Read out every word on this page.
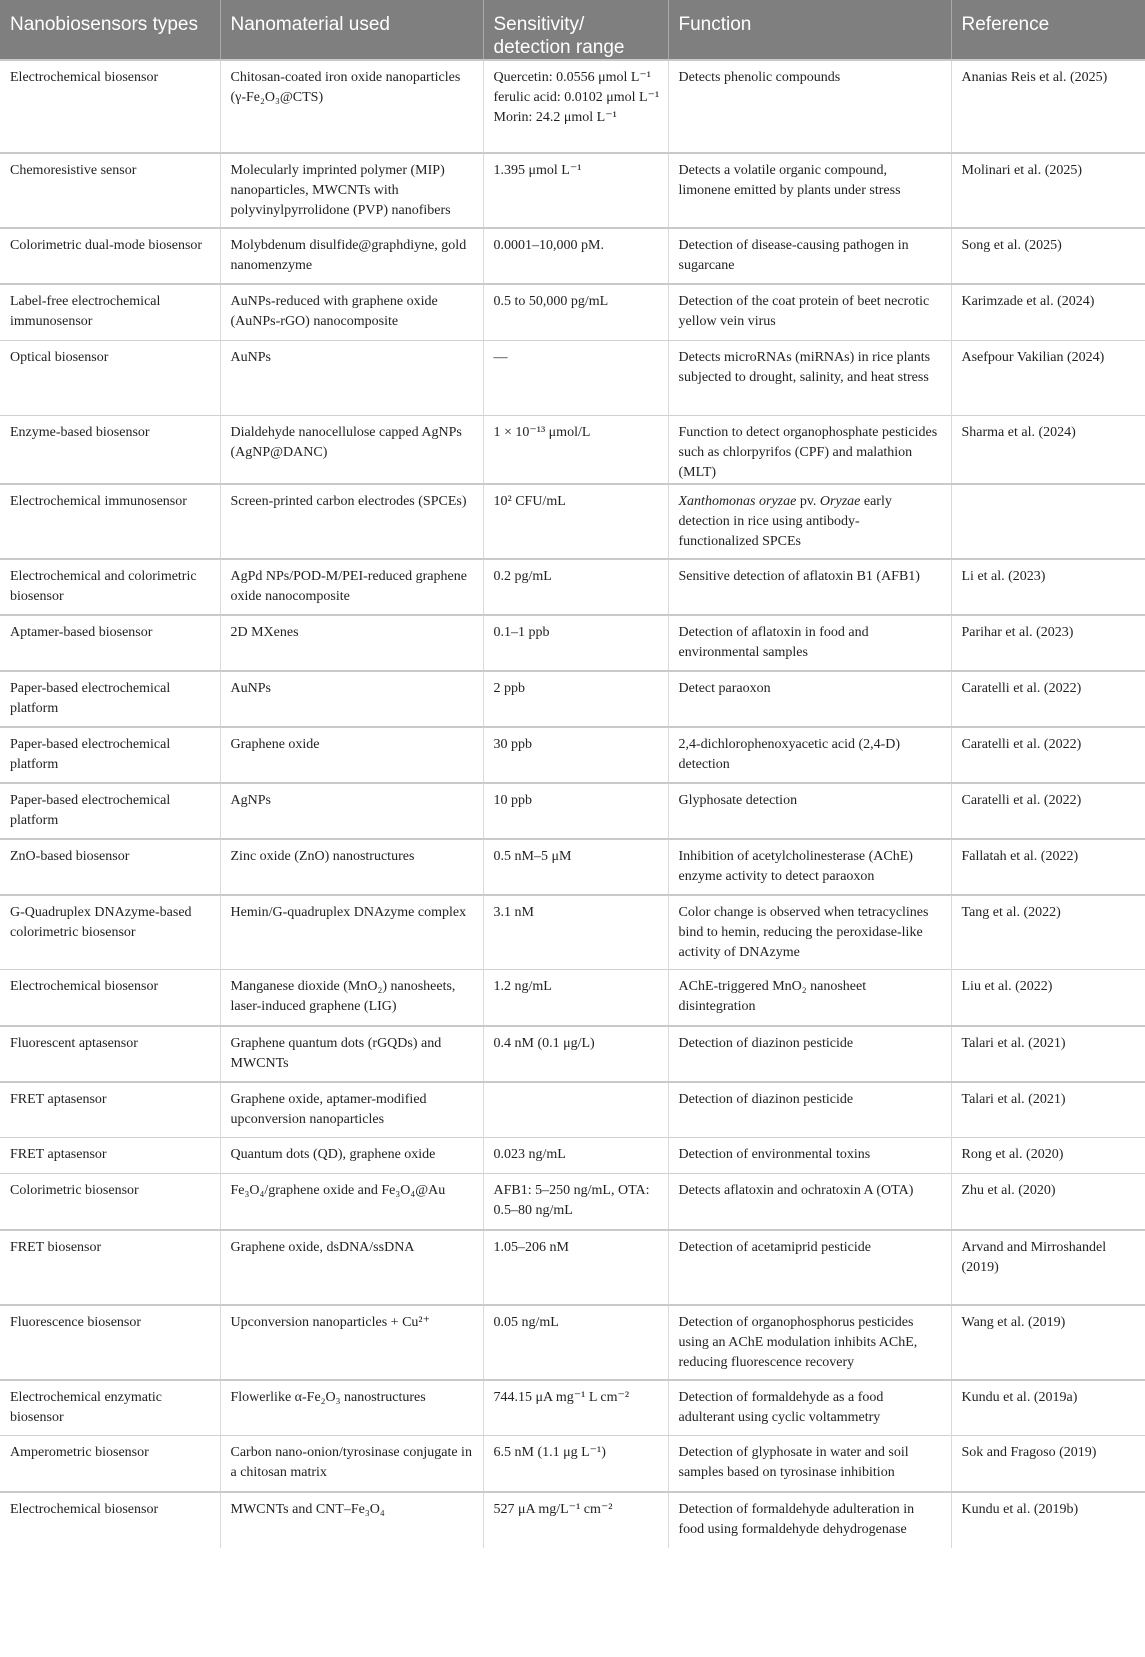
Nanobiosensors types	Nanomaterial used	Sensitivity/ detection range	Function	Reference
Electrochemical biosensor	Chitosan-coated iron oxide nanoparticles (γ-Fe₂O₃@CTS)	Quercetin: 0.0556 μmol L⁻¹ ferulic acid: 0.0102 μmol L⁻¹ Morin: 24.2 μmol L⁻¹	Detects phenolic compounds	Ananias Reis et al. (2025)
Chemoresistive sensor	Molecularly imprinted polymer (MIP) nanoparticles, MWCNTs with polyvinylpyrrolidone (PVP) nanofibers	1.395 μmol L⁻¹	Detects a volatile organic compound, limonene emitted by plants under stress	Molinari et al. (2025)
Colorimetric dual-mode biosensor	Molybdenum disulfide@graphdiyne, gold nanomenzyme	0.0001–10,000 pM.	Detection of disease-causing pathogen in sugarcane	Song et al. (2025)
Label-free electrochemical immunosensor	AuNPs-reduced with graphene oxide (AuNPs-rGO) nanocomposite	0.5 to 50,000 pg/mL	Detection of the coat protein of beet necrotic yellow vein virus	Karimzade et al. (2024)
Optical biosensor	AuNPs	—	Detects microRNAs (miRNAs) in rice plants subjected to drought, salinity, and heat stress	Asefpour Vakilian (2024)
Enzyme-based biosensor	Dialdehyde nanocellulose capped AgNPs (AgNP@DANC)	1 × 10⁻¹³ μmol/L	Function to detect organophosphate pesticides such as chlorpyrifos (CPF) and malathion (MLT)	Sharma et al. (2024)
Electrochemical immunosensor	Screen-printed carbon electrodes (SPCEs)	10² CFU/mL	Xanthomonas oryzae pv. Oryzae early detection in rice using antibody-functionalized SPCEs	
Electrochemical and colorimetric biosensor	AgPd NPs/POD-M/PEI-reduced graphene oxide nanocomposite	0.2 pg/mL	Sensitive detection of aflatoxin B1 (AFB1)	Li et al. (2023)
Aptamer-based biosensor	2D MXenes	0.1–1 ppb	Detection of aflatoxin in food and environmental samples	Parihar et al. (2023)
Paper-based electrochemical platform	AuNPs	2 ppb	Detect paraoxon	Caratelli et al. (2022)
Paper-based electrochemical platform	Graphene oxide	30 ppb	2,4-dichlorophenoxyacetic acid (2,4-D) detection	Caratelli et al. (2022)
Paper-based electrochemical platform	AgNPs	10 ppb	Glyphosate detection	Caratelli et al. (2022)
ZnO-based biosensor	Zinc oxide (ZnO) nanostructures	0.5 nM–5 μM	Inhibition of acetylcholinesterase (AChE) enzyme activity to detect paraoxon	Fallatah et al. (2022)
G-Quadruplex DNAzyme-based colorimetric biosensor	Hemin/G-quadruplex DNAzyme complex	3.1 nM	Color change is observed when tetracyclines bind to hemin, reducing the peroxidase-like activity of DNAzyme	Tang et al. (2022)
Electrochemical biosensor	Manganese dioxide (MnO₂) nanosheets, laser-induced graphene (LIG)	1.2 ng/mL	AChE-triggered MnO₂ nanosheet disintegration	Liu et al. (2022)
Fluorescent aptasensor	Graphene quantum dots (rGQDs) and MWCNTs	0.4 nM (0.1 μg/L)	Detection of diazinon pesticide	Talari et al. (2021)
FRET aptasensor	Graphene oxide, aptamer-modified upconversion nanoparticles		Detection of diazinon pesticide	Talari et al. (2021)
FRET aptasensor	Quantum dots (QD), graphene oxide	0.023 ng/mL	Detection of environmental toxins	Rong et al. (2020)
Colorimetric biosensor	Fe₃O₄/graphene oxide and Fe₃O₄@Au	AFB1: 5–250 ng/mL, OTA: 0.5–80 ng/mL	Detects aflatoxin and ochratoxin A (OTA)	Zhu et al. (2020)
FRET biosensor	Graphene oxide, dsDNA/ssDNA	1.05–206 nM	Detection of acetamiprid pesticide	Arvand and Mirroshandel (2019)
Fluorescence biosensor	Upconversion nanoparticles + Cu²⁺	0.05 ng/mL	Detection of organophosphorus pesticides using an AChE modulation inhibits AChE, reducing fluorescence recovery	Wang et al. (2019)
Electrochemical enzymatic biosensor	Flowerlike α-Fe₂O₃ nanostructures	744.15 μA mg⁻¹ L cm⁻²	Detection of formaldehyde as a food adulterant using cyclic voltammetry	Kundu et al. (2019a)
Amperometric biosensor	Carbon nano-onion/tyrosinase conjugate in a chitosan matrix	6.5 nM (1.1 μg L⁻¹)	Detection of glyphosate in water and soil samples based on tyrosinase inhibition	Sok and Fragoso (2019)
Electrochemical biosensor	MWCNTs and CNT–Fe₃O₄	527 μA mg/L⁻¹ cm⁻²	Detection of formaldehyde adulteration in food using formaldehyde dehydrogenase	Kundu et al. (2019b)
